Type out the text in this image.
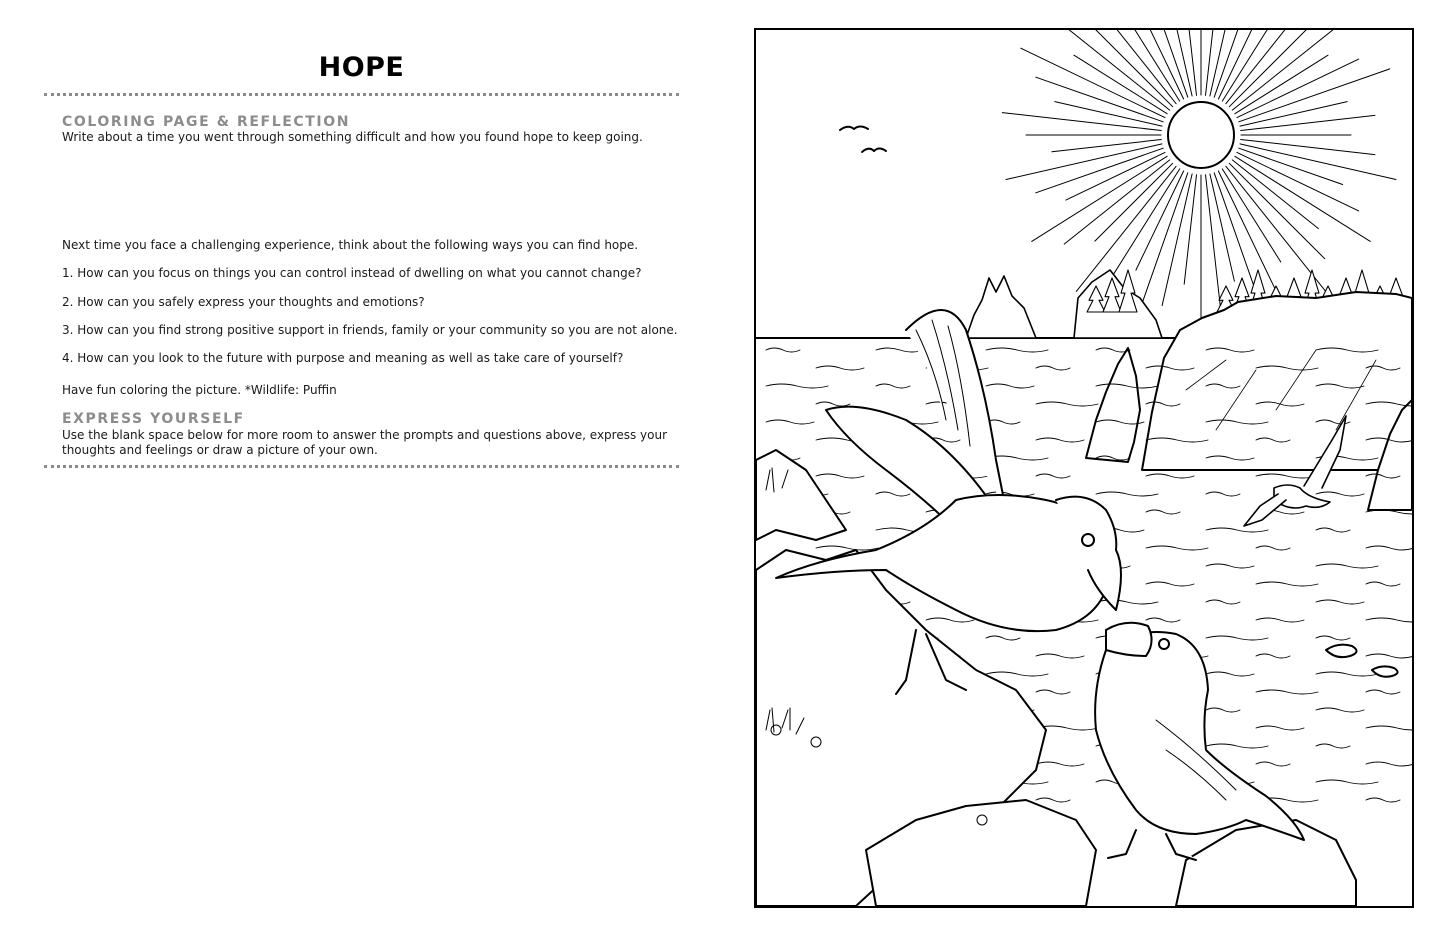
HOPE
COLORING PAGE & REFLECTION

Write about a time you went through something difficult and how you found hope to keep going.

Next time you face a challenging experience, think about the following ways you can find hope.

1. How can you focus on things you can control instead of dwelling on what you cannot change?

2. How can you safely express your thoughts and emotions?

3. How can you find strong positive support in friends, family or your community so you are not alone.

4. How can you look to the future with purpose and meaning as well as take care of yourself?

Have fun coloring the picture. *Wildlife: Puffin

EXPRESS YOURSELF

Use the blank space below for more room to answer the prompts and questions above, express your thoughts and feelings or draw a picture of your own.
